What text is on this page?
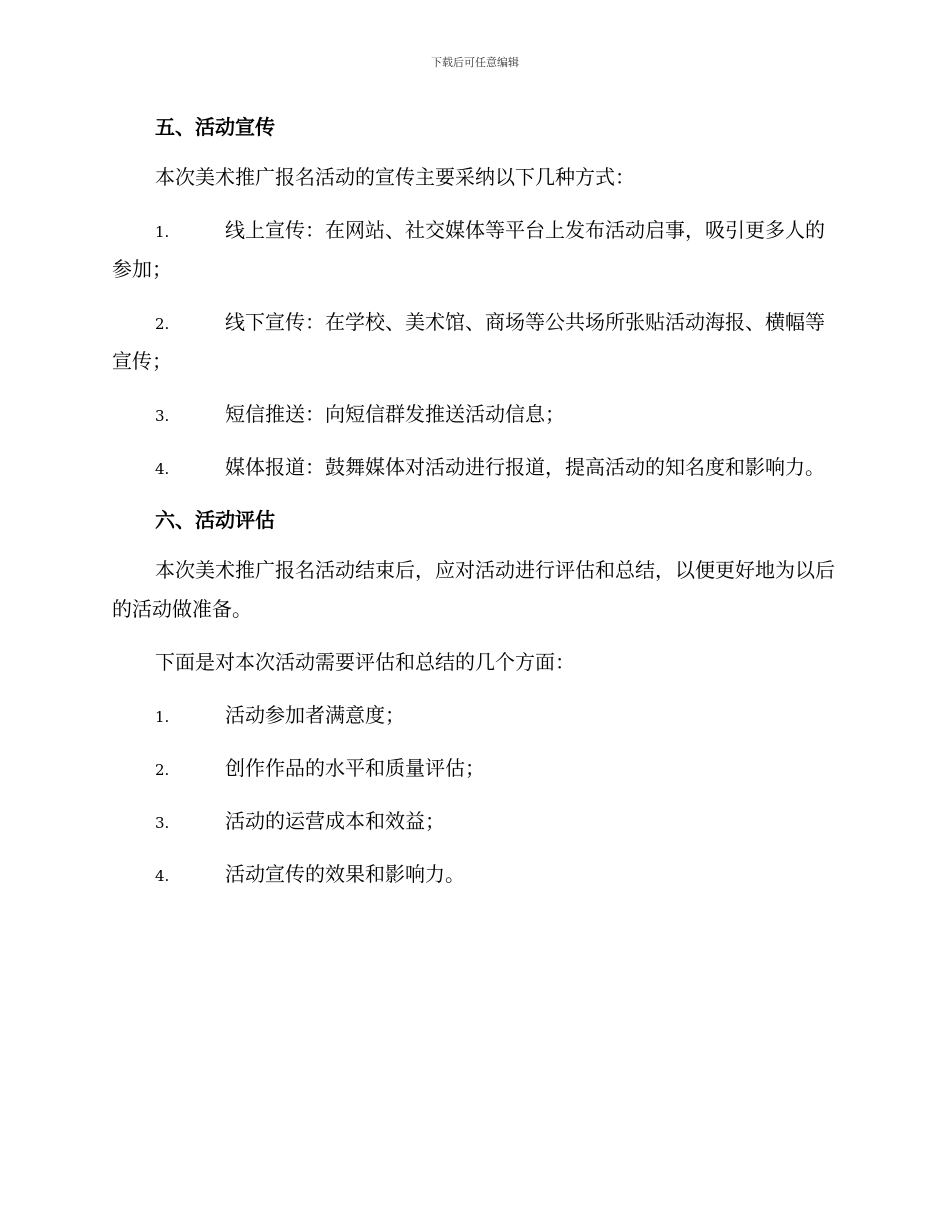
下载后可任意编辑

五、活动宣传

本次美术推广报名活动的宣传主要采纳以下几种方式：

1.	线上宣传：在网站、社交媒体等平台上发布活动启事，吸引更多人的参加；

2.	线下宣传：在学校、美术馆、商场等公共场所张贴活动海报、横幅等宣传；

3.	短信推送：向短信群发推送活动信息；

4.	媒体报道：鼓舞媒体对活动进行报道，提高活动的知名度和影响力。

六、活动评估

本次美术推广报名活动结束后，应对活动进行评估和总结，以便更好地为以后的活动做准备。

下面是对本次活动需要评估和总结的几个方面：

1.	活动参加者满意度；

2.	创作作品的水平和质量评估；

3.	活动的运营成本和效益；

4.	活动宣传的效果和影响力。
